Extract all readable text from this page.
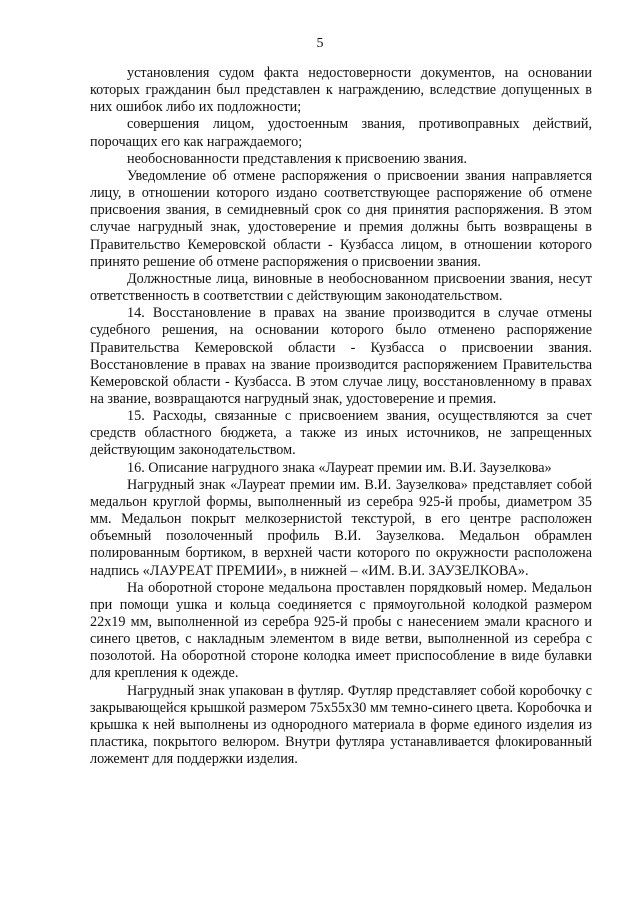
5

установления судом факта недостоверности документов, на основании которых гражданин был представлен к награждению, вследствие допущенных в них ошибок либо их подложности;

совершения лицом, удостоенным звания, противоправных действий, порочащих его как награждаемого;

необоснованности представления к присвоению звания.

Уведомление об отмене распоряжения о присвоении звания направляется лицу, в отношении которого издано соответствующее распоряжение об отмене присвоения звания, в семидневный срок со дня принятия распоряжения. В этом случае нагрудный знак, удостоверение и премия должны быть возвращены в Правительство Кемеровской области - Кузбасса лицом, в отношении которого принято решение об отмене распоряжения о присвоении звания.

Должностные лица, виновные в необоснованном присвоении звания, несут ответственность в соответствии с действующим законодательством.

14. Восстановление в правах на звание производится в случае отмены судебного решения, на основании которого было отменено распоряжение Правительства Кемеровской области - Кузбасса о присвоении звания. Восстановление в правах на звание производится распоряжением Правительства Кемеровской области - Кузбасса. В этом случае лицу, восстановленному в правах на звание, возвращаются нагрудный знак, удостоверение и премия.

15. Расходы, связанные с присвоением звания, осуществляются за счет средств областного бюджета, а также из иных источников, не запрещенных действующим законодательством.

16. Описание нагрудного знака «Лауреат премии им. В.И. Заузелкова»

Нагрудный знак «Лауреат премии им. В.И. Заузелкова» представляет собой медальон круглой формы, выполненный из серебра 925-й пробы, диаметром 35 мм. Медальон покрыт мелкозернистой текстурой, в его центре расположен объемный позолоченный профиль В.И. Заузелкова. Медальон обрамлен полированным бортиком, в верхней части которого по окружности расположена надпись «ЛАУРЕАТ ПРЕМИИ», в нижней – «ИМ. В.И. ЗАУЗЕЛКОВА».

На оборотной стороне медальона проставлен порядковый номер. Медальон при помощи ушка и кольца соединяется с прямоугольной колодкой размером 22x19 мм, выполненной из серебра 925-й пробы с нанесением эмали красного и синего цветов, с накладным элементом в виде ветви, выполненной из серебра с позолотой. На оборотной стороне колодка имеет приспособление в виде булавки для крепления к одежде.

Нагрудный знак упакован в футляр. Футляр представляет собой коробочку с закрывающейся крышкой размером 75x55x30 мм темно-синего цвета. Коробочка и крышка к ней выполнены из однородного материала в форме единого изделия из пластика, покрытого велюром. Внутри футляра устанавливается флокированный ложемент для поддержки изделия.
